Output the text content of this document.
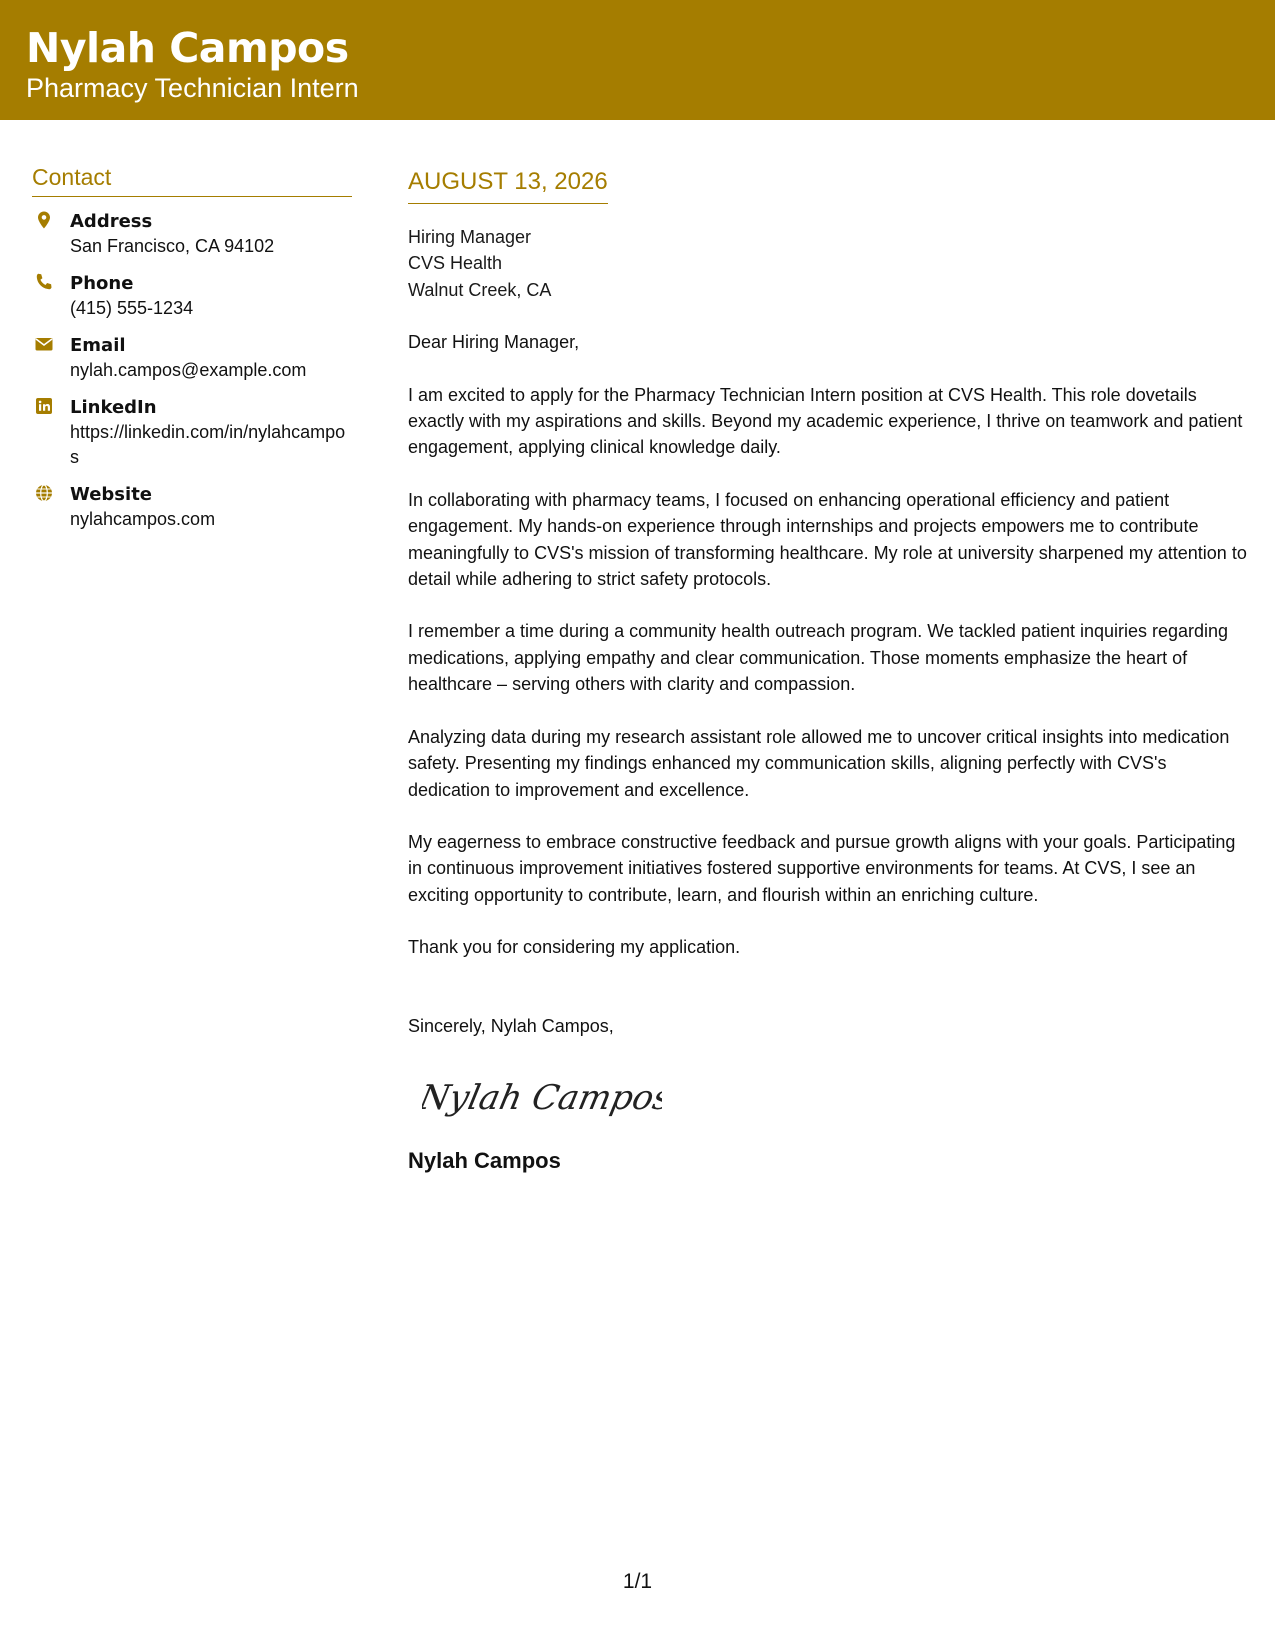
Nylah Campos
Pharmacy Technician Intern
Contact
Address
San Francisco, CA 94102
Phone
(415) 555-1234
Email
nylah.campos@example.com
LinkedIn
https://linkedin.com/in/nylahcampos
Website
nylahcampos.com
AUGUST 13, 2026
Hiring Manager
CVS Health
Walnut Creek, CA

Dear Hiring Manager,

I am excited to apply for the Pharmacy Technician Intern position at CVS Health. This role dovetails exactly with my aspirations and skills. Beyond my academic experience, I thrive on teamwork and patient engagement, applying clinical knowledge daily.

In collaborating with pharmacy teams, I focused on enhancing operational efficiency and patient engagement. My hands-on experience through internships and projects empowers me to contribute meaningfully to CVS's mission of transforming healthcare. My role at university sharpened my attention to detail while adhering to strict safety protocols.

I remember a time during a community health outreach program. We tackled patient inquiries regarding medications, applying empathy and clear communication. Those moments emphasize the heart of healthcare – serving others with clarity and compassion.

Analyzing data during my research assistant role allowed me to uncover critical insights into medication safety. Presenting my findings enhanced my communication skills, aligning perfectly with CVS's dedication to improvement and excellence.

My eagerness to embrace constructive feedback and pursue growth aligns with your goals. Participating in continuous improvement initiatives fostered supportive environments for teams. At CVS, I see an exciting opportunity to contribute, learn, and flourish within an enriching culture.

Thank you for considering my application.

Sincerely, Nylah Campos,

Nylah Campos
Nylah Campos
1/1
